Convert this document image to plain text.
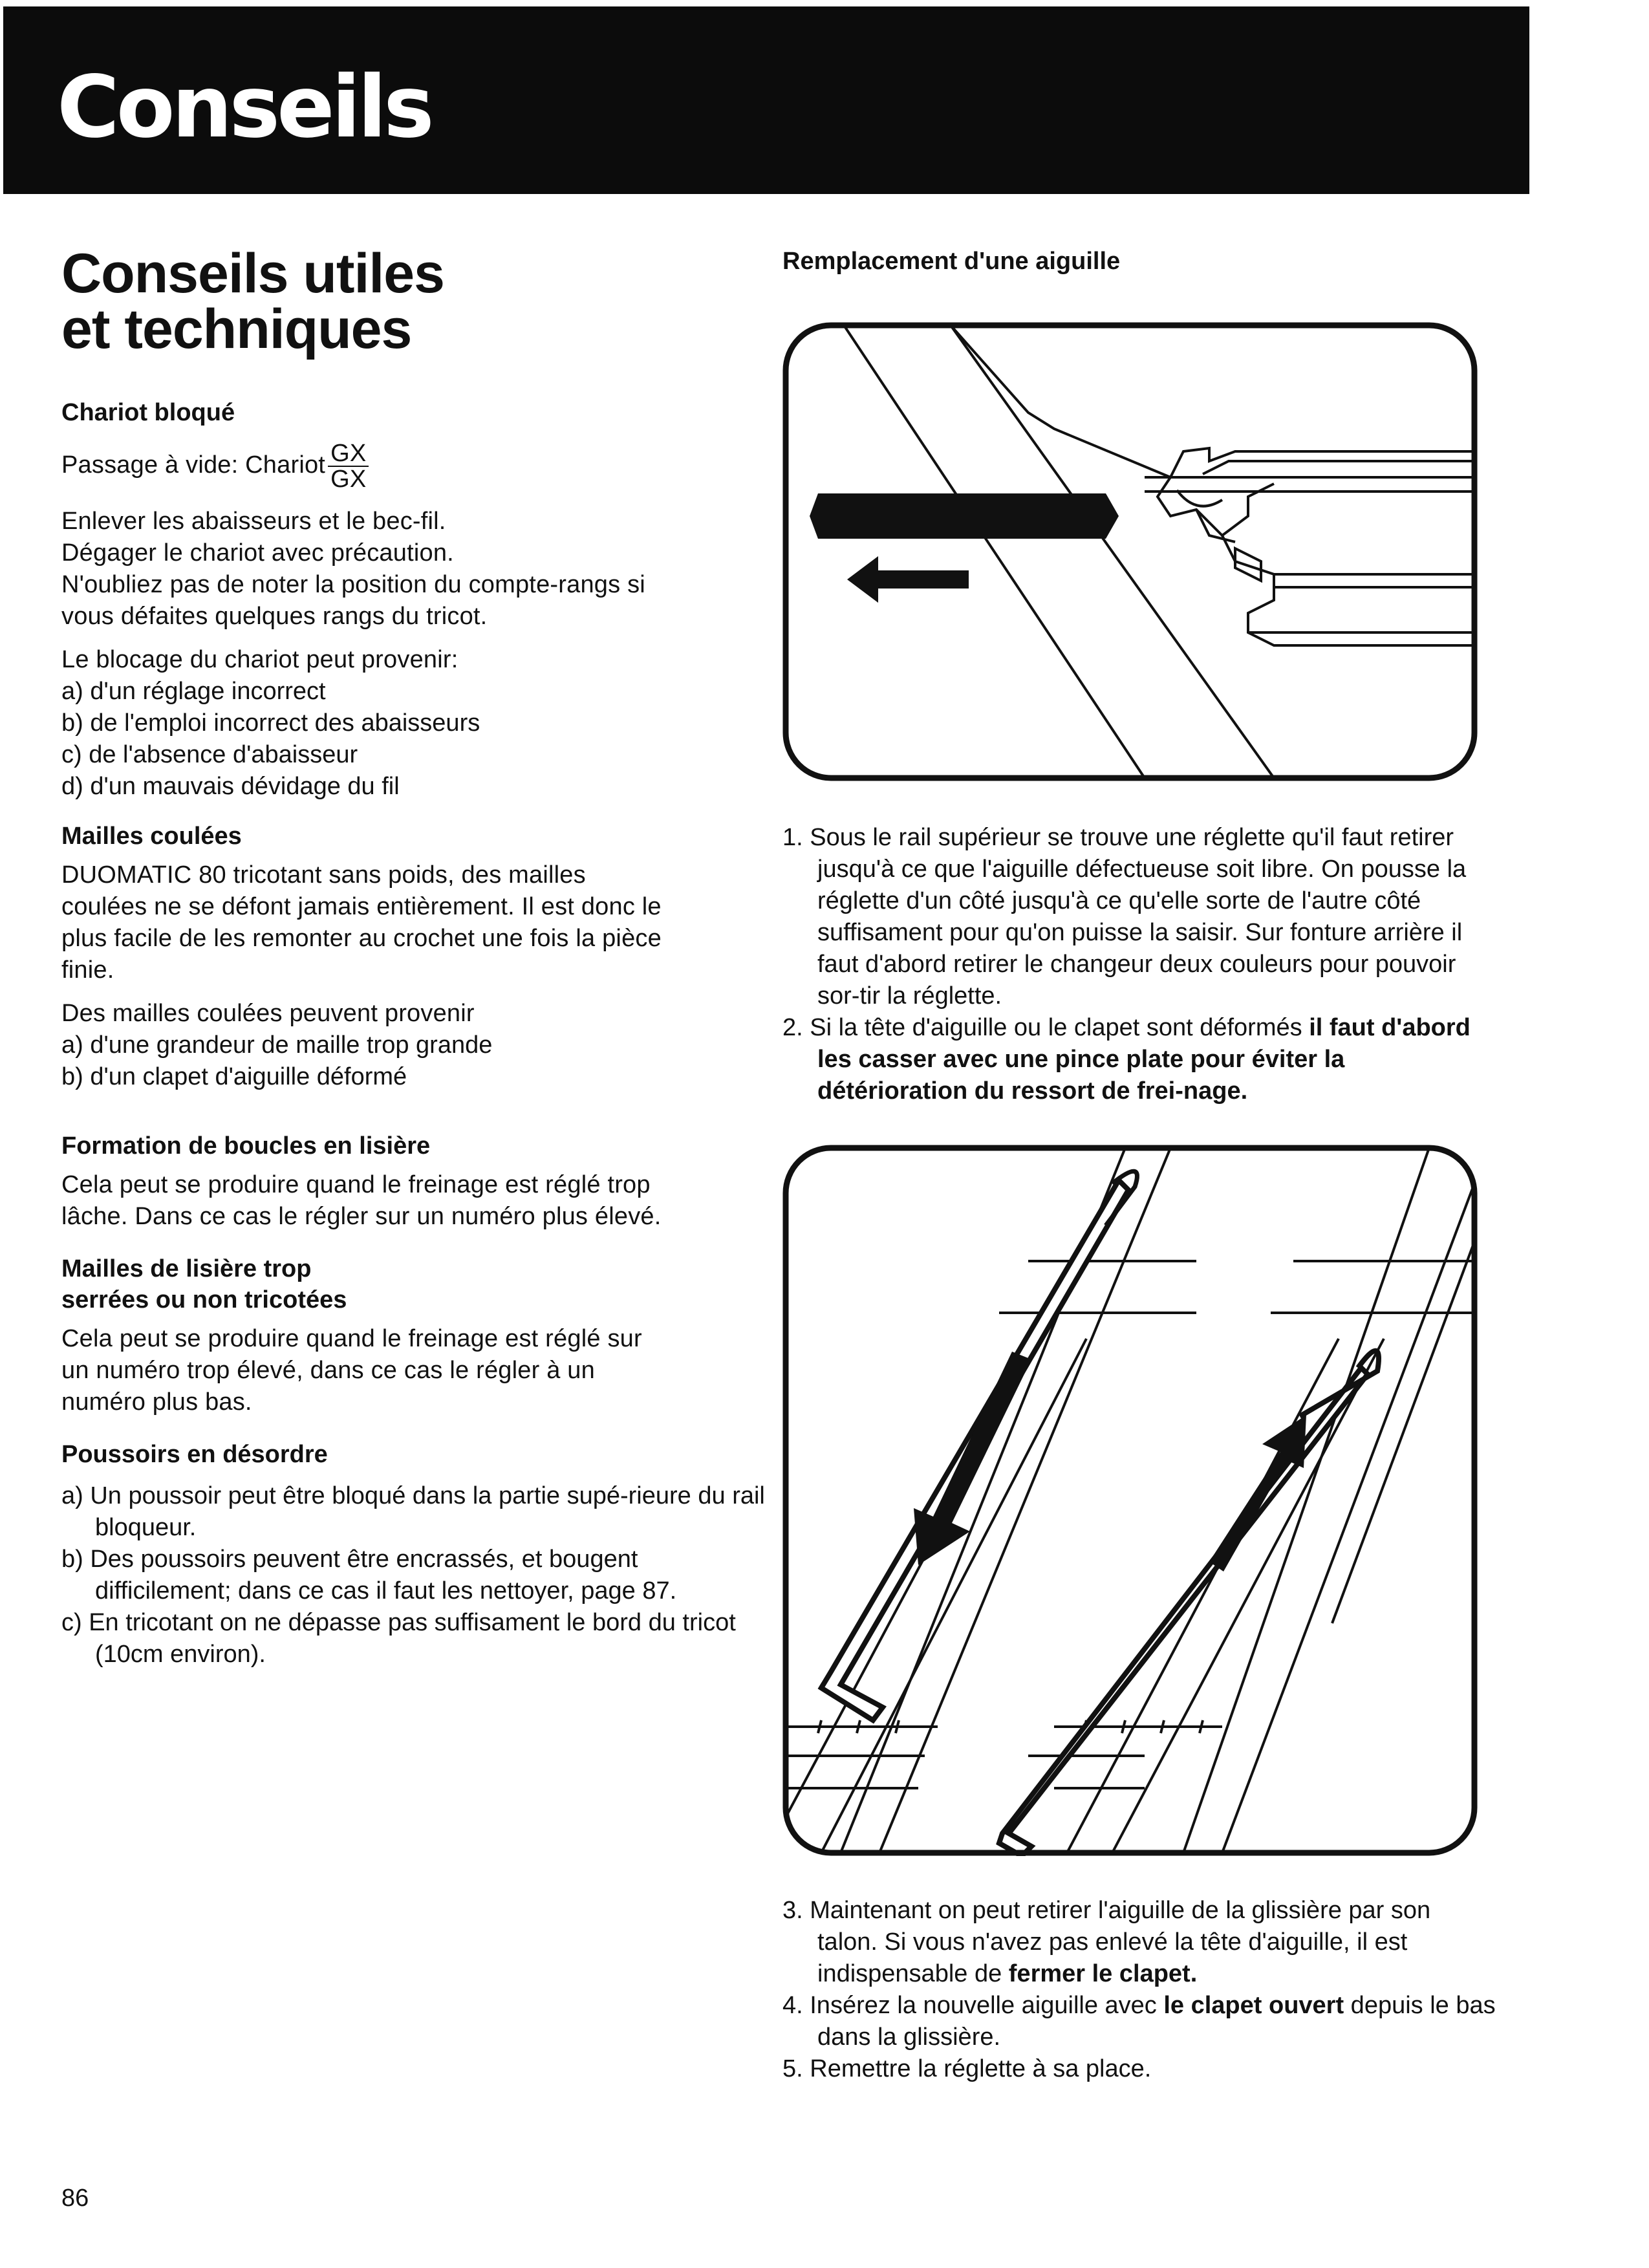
Conseils
Conseils utiles
et techniques
Chariot bloqué

Passage à vide: Chariot $\frac{GX}{GX}$

Enlever les abaisseurs et le bec-fil.
Dégager le chariot avec précaution.
N'oubliez pas de noter la position du compte-rangs si
vous défaites quelques rangs du tricot.

Le blocage du chariot peut provenir:

a) d'un réglage incorrect
b) de l'emploi incorrect des abaisseurs
c) de l'absence d'abaisseur
d) d'un mauvais dévidage du fil
Mailles coulées

DUOMATIC 80 tricotant sans poids, des mailles
coulées ne se défont jamais entièrement. Il est donc le
plus facile de les remonter au crochet une fois la pièce
finie.

Des mailles coulées peuvent provenir

a) d'une grandeur de maille trop grande
b) d'un clapet d'aiguille déformé
Formation de boucles en lisière

Cela peut se produire quand le freinage est réglé trop
lâche. Dans ce cas le régler sur un numéro plus élevé.

Mailles de lisière trop
serrées ou non tricotées

Cela peut se produire quand le freinage est réglé sur
un numéro trop élevé, dans ce cas le régler à un
numéro plus bas.

Poussoirs en désordre
a) Un poussoir peut être bloqué dans la partie supé-rieure du rail bloqueur.
b) Des poussoirs peuvent être encrassés, et bougent difficilement; dans ce cas il faut les nettoyer, page 87.
c) En tricotant on ne dépasse pas suffisament le bord du tricot (10cm environ).
Remplacement d'une aiguille
1. Sous le rail supérieur se trouve une réglette qu'il faut retirer jusqu'à ce que l'aiguille défectueuse soit libre. On pousse la réglette d'un côté jusqu'à ce qu'elle sorte de l'autre côté suffisament pour qu'on puisse la saisir. Sur fonture arrière il faut d'abord retirer le changeur deux couleurs pour pouvoir sor-tir la réglette.
2. Si la tête d'aiguille ou le clapet sont déformés il faut d'abord les casser avec une pince plate pour éviter la détérioration du ressort de frei-nage.
3. Maintenant on peut retirer l'aiguille de la glissière par son talon. Si vous n'avez pas enlevé la tête d'aiguille, il est indispensable de fermer le clapet.
4. Insérez la nouvelle aiguille avec le clapet ouvert depuis le bas dans la glissière.
5. Remettre la réglette à sa place.
86
